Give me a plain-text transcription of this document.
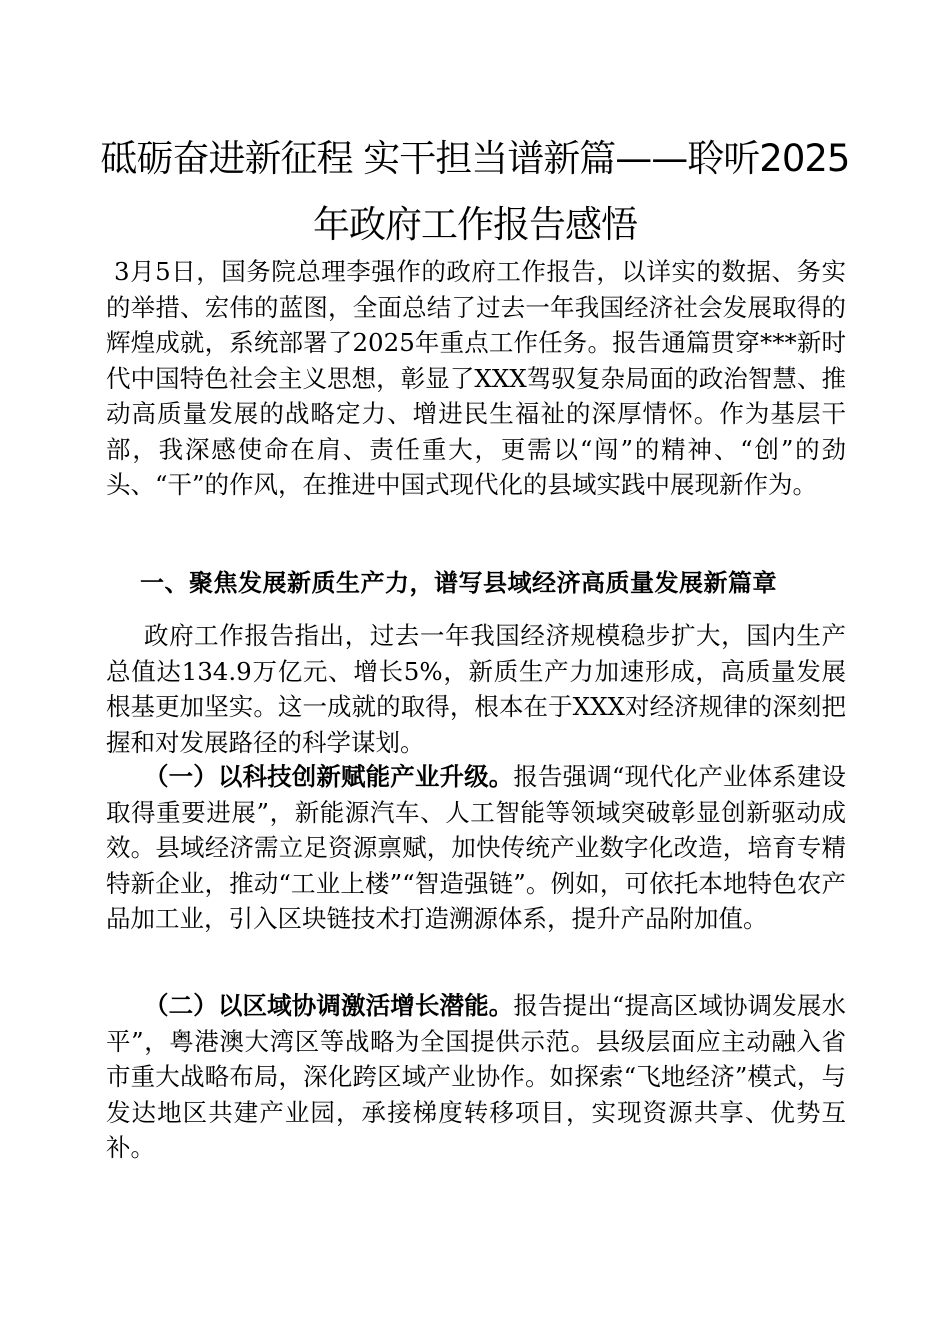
砥砺奋进新征程 实干担当谱新篇——聆听2025
年政府工作报告感悟

3月5日，国务院总理李强作的政府工作报告，以详实的数据、务实的举措、宏伟的蓝图，全面总结了过去一年我国经济社会发展取得的辉煌成就，系统部署了2025年重点工作任务。报告通篇贯穿***新时代中国特色社会主义思想，彰显了XXX驾驭复杂局面的政治智慧、推动高质量发展的战略定力、增进民生福祉的深厚情怀。作为基层干部，我深感使命在肩、责任重大，更需以“闯”的精神、“创”的劲头、“干”的作风，在推进中国式现代化的县域实践中展现新作为。

一、聚焦发展新质生产力，谱写县域经济高质量发展新篇章

政府工作报告指出，过去一年我国经济规模稳步扩大，国内生产总值达134.9万亿元、增长5%，新质生产力加速形成，高质量发展根基更加坚实。这一成就的取得，根本在于XXX对经济规律的深刻把握和对发展路径的科学谋划。

（一）以科技创新赋能产业升级。报告强调“现代化产业体系建设取得重要进展”，新能源汽车、人工智能等领域突破彰显创新驱动成效。县域经济需立足资源禀赋，加快传统产业数字化改造，培育专精特新企业，推动“工业上楼”“智造强链”。例如，可依托本地特色农产品加工业，引入区块链技术打造溯源体系，提升产品附加值。

（二）以区域协调激活增长潜能。报告提出“提高区域协调发展水平”，粤港澳大湾区等战略为全国提供示范。县级层面应主动融入省市重大战略布局，深化跨区域产业协作。如探索“飞地经济”模式，与发达地区共建产业园，承接梯度转移项目，实现资源共享、优势互补。
